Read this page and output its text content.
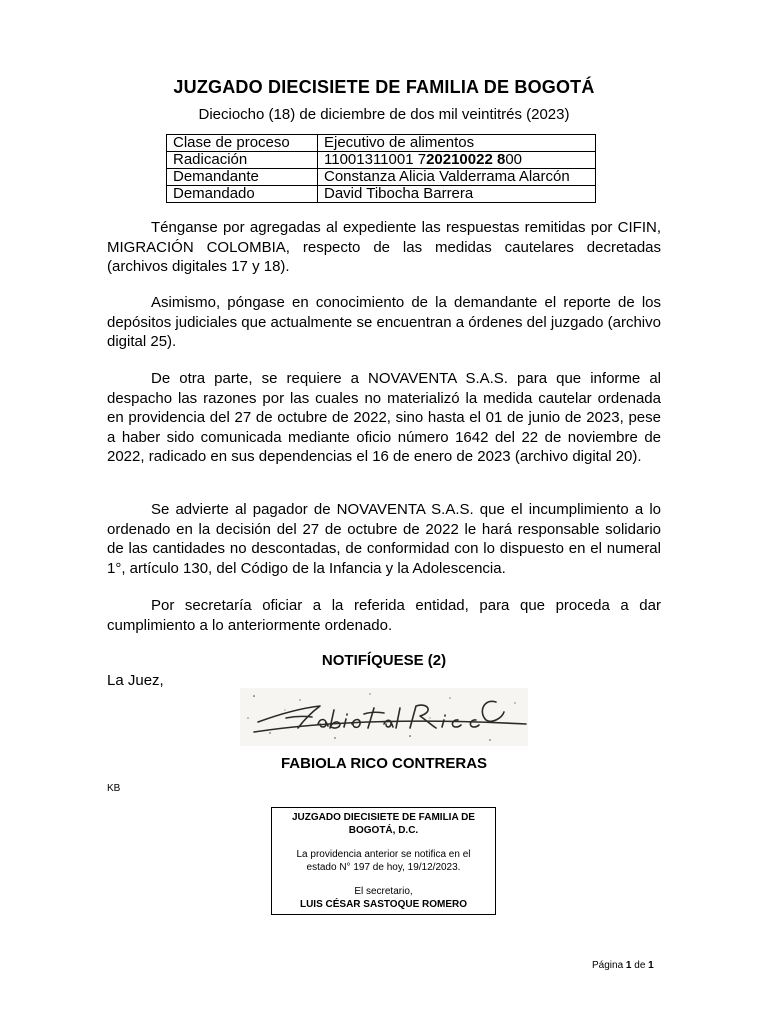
JUZGADO DIECISIETE DE FAMILIA DE BOGOTÁ
Dieciocho (18) de diciembre de dos mil veintitrés (2023)
Clase de proceso	Ejecutivo de alimentos
Radicación	11001311001 720210022 800
Demandante	Constanza Alicia Valderrama Alarcón
Demandado	David Tibocha Barrera

Ténganse por agregadas al expediente las respuestas remitidas por CIFIN, MIGRACIÓN COLOMBIA, respecto de las medidas cautelares decretadas (archivos digitales 17 y 18).

Asimismo, póngase en conocimiento de la demandante el reporte de los depósitos judiciales que actualmente se encuentran a órdenes del juzgado (archivo digital 25).

De otra parte, se requiere a NOVAVENTA S.A.S. para que informe al despacho las razones por las cuales no materializó la medida cautelar ordenada en providencia del 27 de octubre de 2022, sino hasta el 01 de junio de 2023, pese a haber sido comunicada mediante oficio número 1642 del 22 de noviembre de 2022, radicado en sus dependencias el 16 de enero de 2023 (archivo digital 20).

Se advierte al pagador de NOVAVENTA S.A.S. que el incumplimiento a lo ordenado en la decisión del 27 de octubre de 2022 le hará responsable solidario de las cantidades no descontadas, de conformidad con lo dispuesto en el numeral 1°, artículo 130, del Código de la Infancia y la Adolescencia.

Por secretaría oficiar a la referida entidad, para que proceda a dar cumplimiento a lo anteriormente ordenado.

NOTIFÍQUESE (2)
La Juez,
FABIOLA RICO CONTRERAS
KB
JUZGADO DIECISIETE DE FAMILIA DE
BOGOTÁ, D.C.
La providencia anterior se notifica en el
estado N° 197 de hoy, 19/12/2023.
El secretario,
LUIS CÉSAR SASTOQUE ROMERO
Página 1 de 1
